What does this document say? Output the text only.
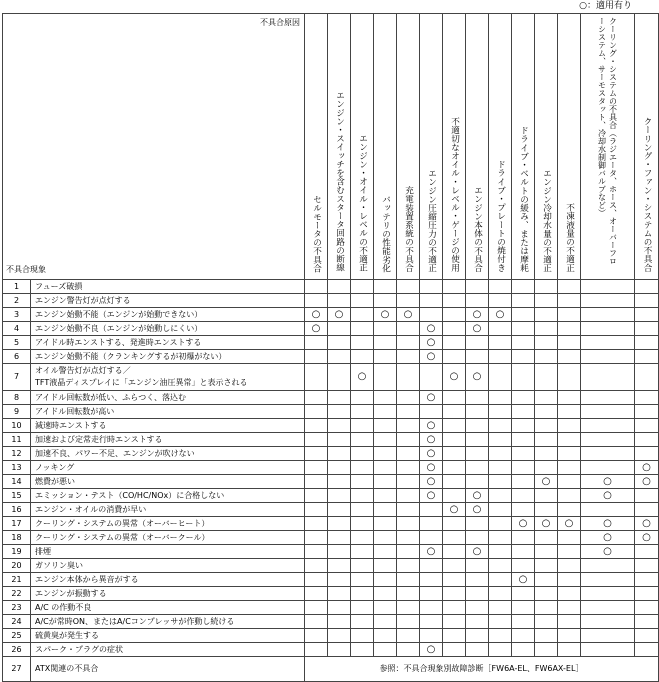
○：適用有り
不具合原因
不具合現象		セルモータの不具合	エンジン・スイッチを含むスタータ回路の断線	エンジン・オイル・レベルの不適正	バッテリの性能劣化	充電装置系統の不具合	エンジン圧縮圧力の不適正	不適切なオイル・レベル・ゲージの使用	エンジン本体の不具合	ドライブ・プレートの焼付き	ドライブ・ベルトの緩み、または摩耗	エンジン冷却水量の不適正	不凍液量の不適正	クーリング・システムの不具合（ラジエータ、ホース、オーバーフローシステム、サーモスタット、冷却水制御バルブなど）	クーリング・ファン・システムの不具合
1	フューズ破損														

2	エンジン警告灯が点灯する														

3	エンジン始動不能（エンジンが始動できない）	○	○		○	○			○	○					
4	エンジン始動不良（エンジンが始動しにくい）	○					○		○						
5	アイドル時エンストする、発進時エンストする						○								
6	エンジン始動不能（クランキングするが初爆がない）						○								
7	オイル警告灯が点灯する／
TFT液晶ディスプレイに「エンジン油圧異常」と表示される			○				○	○						
8	アイドル回転数が低い、ふらつく、落込む						○								
9	アイドル回転数が高い														

10	減速時エンストする						○								
11	加速および定常走行時エンストする						○								
12	加速不良、パワー不足、エンジンが吹けない						○								
13	ノッキング						○								○
14	燃費が悪い						○					○		○	○
15	エミッション・テスト（CO/HC/NOx）に合格しない						○		○					○	
16	エンジン・オイルの消費が早い							○	○						
17	クーリング・システムの異常（オーバーヒート）										○	○	○	○	○
18	クーリング・システムの異常（オーバークール）													○	○
19	排煙						○		○					○	
20	ガソリン臭い														

21	エンジン本体から異音がする										○				
22	エンジンが振動する														

23	A/C の作動不良														

24	A/Cが常時ON、またはA/Cコンプレッサが作動し続ける														

25	硫黄臭が発生する														

26	スパーク・プラグの症状						○								
27	ATX関連の不具合	参照：不具合現象別故障診断［FW6A-EL、FW6AX-EL］													
